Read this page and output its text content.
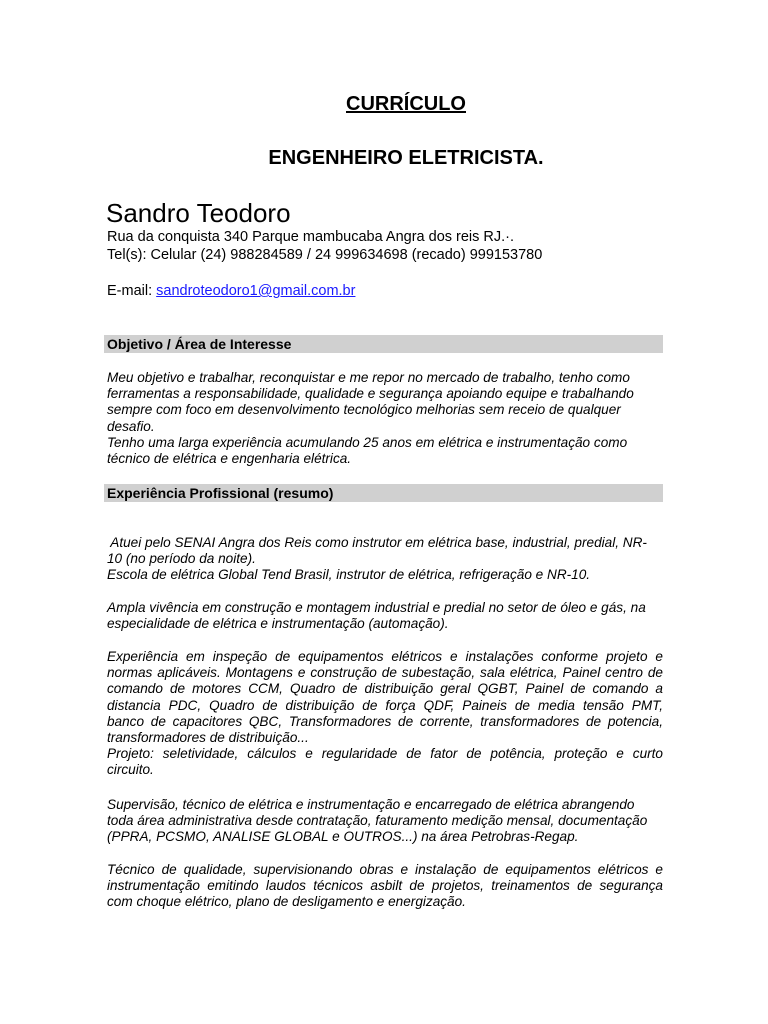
CURRÍCULO
ENGENHEIRO ELETRICISTA.
Sandro Teodoro
Rua da conquista 340 Parque mambucaba Angra dos reis RJ.·.
Tel(s): Celular (24) 988284589 / 24 999634698 (recado) 999153780
E-mail: sandroteodoro1@gmail.com.br
Objetivo / Área de Interesse
Meu objetivo e trabalhar, reconquistar e me repor no mercado de trabalho, tenho como
ferramentas a responsabilidade, qualidade e segurança apoiando equipe e trabalhando
sempre com foco em desenvolvimento tecnológico melhorias sem receio de qualquer
desafio.
Tenho uma larga experiência acumulando 25 anos em elétrica e instrumentação como
técnico de elétrica e engenharia elétrica.
Experiência Profissional (resumo)
Atuei pelo SENAI Angra dos Reis como instrutor em elétrica base, industrial, predial, NR-
10 (no período da noite).
Escola de elétrica Global Tend Brasil, instrutor de elétrica, refrigeração e NR-10.
Ampla vivência em construção e montagem industrial e predial no setor de óleo e gás, na
especialidade de elétrica e instrumentação (automação).
Experiência em inspeção de equipamentos elétricos e instalações conforme projeto e
normas aplicáveis. Montagens e construção de subestação, sala elétrica, Painel centro de
comando de motores CCM, Quadro de distribuição geral QGBT, Painel de comando a
distancia PDC, Quadro de distribuição de força QDF, Paineis de media tensão PMT,
banco de capacitores QBC, Transformadores de corrente, transformadores de potencia,
transformadores de distribuição...
Projeto: seletividade, cálculos e regularidade de fator de potência, proteção e curto
circuito.
Supervisão, técnico de elétrica e instrumentação e encarregado de elétrica abrangendo
toda área administrativa desde contratação, faturamento medição mensal, documentação
(PPRA, PCSMO, ANALISE GLOBAL e OUTROS...) na área Petrobras-Regap.
Técnico de qualidade, supervisionando obras e instalação de equipamentos elétricos e
instrumentação emitindo laudos técnicos asbilt de projetos, treinamentos de segurança
com choque elétrico, plano de desligamento e energização.
